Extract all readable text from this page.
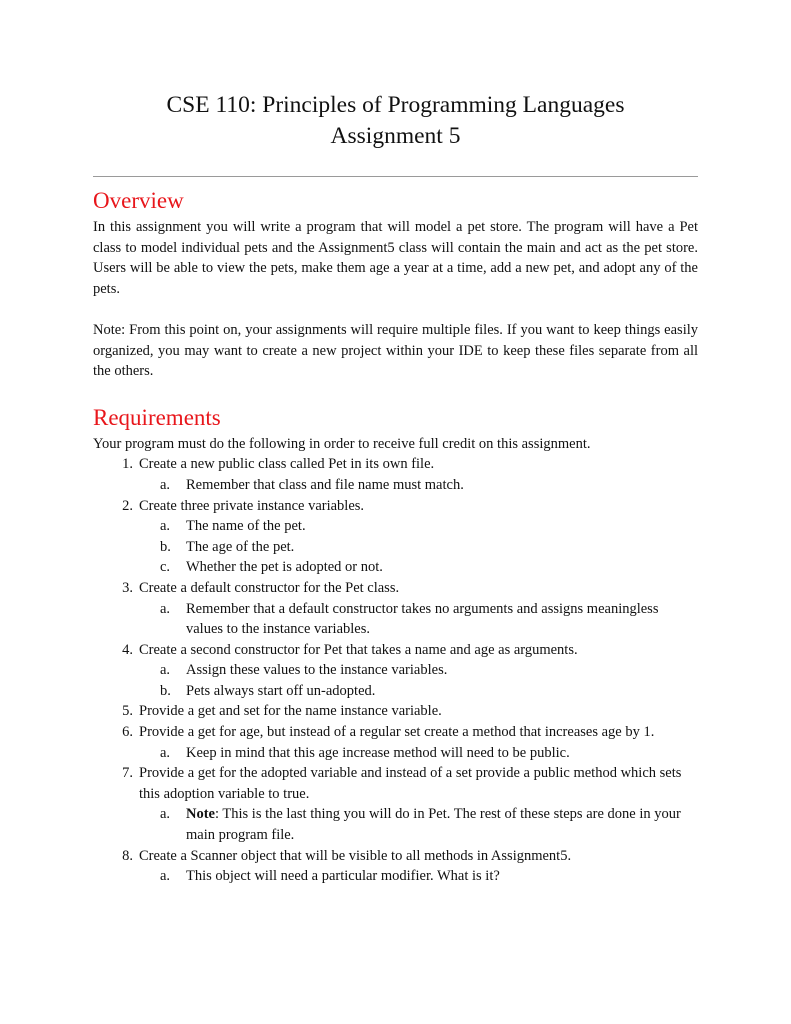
CSE 110: Principles of Programming Languages
Assignment 5
Overview

In this assignment you will write a program that will model a pet store. The program will have a Pet class to model individual pets and the Assignment5 class will contain the main and act as the pet store. Users will be able to view the pets, make them age a year at a time, add a new pet, and adopt any of the pets.

Note: From this point on, your assignments will require multiple files. If you want to keep things easily organized, you may want to create a new project within your IDE to keep these files separate from all the others.

Requirements

Your program must do the following in order to receive full credit on this assignment.

1. Create a new public class called Pet in its own file.
a.	Remember that class and file name must match.
2. Create three private instance variables.
a.	The name of the pet.
b.	The age of the pet.
c.	Whether the pet is adopted or not.
3. Create a default constructor for the Pet class.
a.	Remember that a default constructor takes no arguments and assigns meaningless values to the instance variables.
4. Create a second constructor for Pet that takes a name and age as arguments.
a.	Assign these values to the instance variables.
b.	Pets always start off un-adopted.
5. Provide a get and set for the name instance variable.
6. Provide a get for age, but instead of a regular set create a method that increases age by 1.
a.	Keep in mind that this age increase method will need to be public.
7. Provide a get for the adopted variable and instead of a set provide a public method which sets this adoption variable to true.
a.	Note: This is the last thing you will do in Pet. The rest of these steps are done in your main program file.
8. Create a Scanner object that will be visible to all methods in Assignment5.
a.	This object will need a particular modifier. What is it?
